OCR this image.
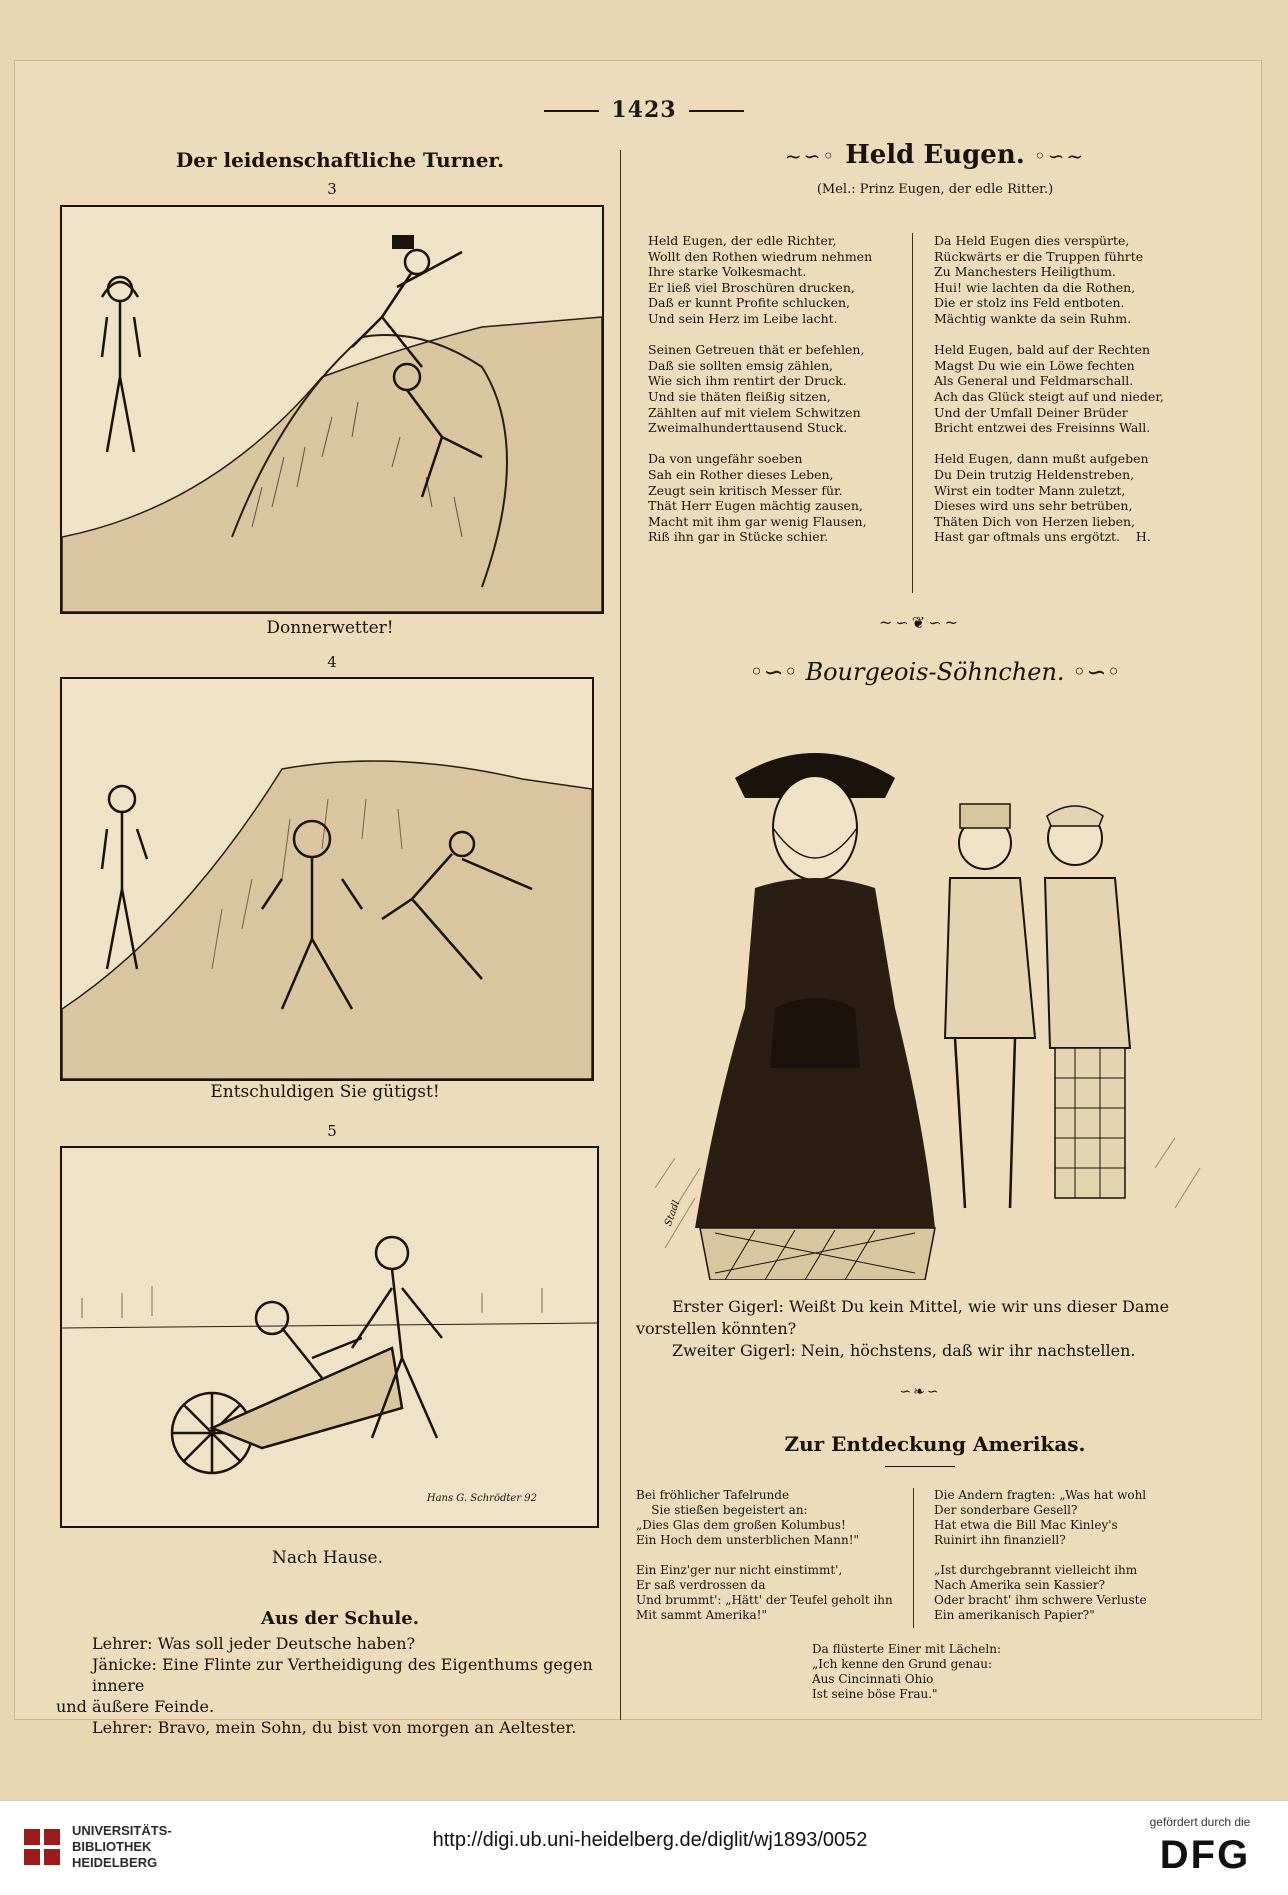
1423
Der leidenschaftliche Turner.
3
Donnerwetter!
4
Entschuldigen Sie gütigst!
5
Hans G. Schrödter 92
Nach Hause.
Aus der Schule.

Lehrer: Was soll jeder Deutsche haben?

Jänicke: Eine Flinte zur Vertheidigung des Eigenthums gegen innere

und äußere Feinde.

Lehrer: Bravo, mein Sohn, du bist von morgen an Aeltester.

~∽◦ Held Eugen. ◦∽~
(Mel.: Prinz Eugen, der edle Ritter.)
Held Eugen, der edle Richter,
Wollt den Rothen wiedrum nehmen
Ihre starke Volkesmacht.
Er ließ viel Broschüren drucken,
Daß er kunnt Profite schlucken,
Und sein Herz im Leibe lacht.

Seinen Getreuen thät er befehlen,
Daß sie sollten emsig zählen,
Wie sich ihm rentirt der Druck.
Und sie thäten fleißig sitzen,
Zählten auf mit vielem Schwitzen
Zweimalhunderttausend Stuck.

Da von ungefähr soeben
Sah ein Rother dieses Leben,
Zeugt sein kritisch Messer für.
Thät Herr Eugen mächtig zausen,
Macht mit ihm gar wenig Flausen,
Riß ihn gar in Stücke schier.
Da Held Eugen dies verspürte,
Rückwärts er die Truppen führte
Zu Manchesters Heiligthum.
Hui! wie lachten da die Rothen,
Die er stolz ins Feld entboten.
Mächtig wankte da sein Ruhm.

Held Eugen, bald auf der Rechten
Magst Du wie ein Löwe fechten
Als General und Feldmarschall.
Ach das Glück steigt auf und nieder,
Und der Umfall Deiner Brüder
Bricht entzwei des Freisinns Wall.

Held Eugen, dann mußt aufgeben
Du Dein trutzig Heldenstreben,
Wirst ein todter Mann zuletzt,
Dieses wird uns sehr betrüben,
Thäten Dich von Herzen lieben,
Hast gar oftmals uns ergötzt.    H.
~∽❦∽~
◦∽◦ Bourgeois-Söhnchen. ◦∽◦
Stadl

Erster Gigerl: Weißt Du kein Mittel, wie wir uns dieser Dame vorstellen könnten?

Zweiter Gigerl: Nein, höchstens, daß wir ihr nachstellen.

∽❧∽
Zur Entdeckung Amerikas.
Bei fröhlicher Tafelrunde
Sie stießen begeistert an:
„Dies Glas dem großen Kolumbus!
Ein Hoch dem unsterblichen Mann!"

Ein Einz'ger nur nicht einstimmt',
Er saß verdrossen da
Und brummt': „Hätt' der Teufel geholt ihn
Mit sammt Amerika!"
Die Andern fragten: „Was hat wohl
Der sonderbare Gesell?
Hat etwa die Bill Mac Kinley's
Ruinirt ihn finanziell?

„Ist durchgebrannt vielleicht ihm
Nach Amerika sein Kassier?
Oder bracht' ihm schwere Verluste
Ein amerikanisch Papier?"
Da flüsterte Einer mit Lächeln:
„Ich kenne den Grund genau:
Aus Cincinnati Ohio
Ist seine böse Frau."
UNIVERSITÄTS-
BIBLIOTHEK
HEIDELBERG
http://digi.ub.uni-heidelberg.de/diglit/wj1893/0052
gefördert durch die
DFG
